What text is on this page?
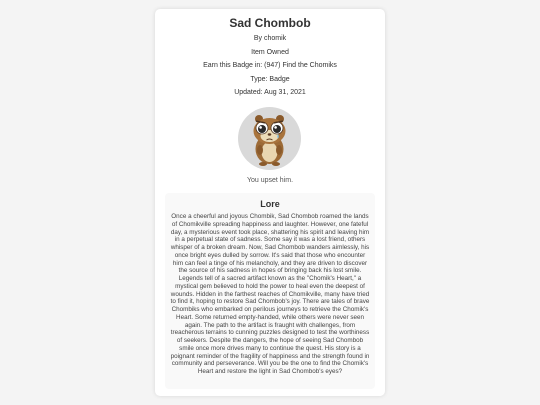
Sad Chombob
By chomik
Item Owned
Earn this Badge in: (947) Find the Chomiks
Type: Badge
Updated: Aug 31, 2021
You upset him.
Lore
Once a cheerful and joyous Chombik, Sad Chombob roamed the lands of Chomikville spreading happiness and laughter. However, one fateful day, a mysterious event took place, shattering his spirit and leaving him in a perpetual state of sadness. Some say it was a lost friend, others whisper of a broken dream. Now, Sad Chombob wanders aimlessly, his once bright eyes dulled by sorrow. It's said that those who encounter him can feel a tinge of his melancholy, and they are driven to discover the source of his sadness in hopes of bringing back his lost smile. Legends tell of a sacred artifact known as the "Chomik's Heart," a mystical gem believed to hold the power to heal even the deepest of wounds. Hidden in the farthest reaches of Chomikville, many have tried to find it, hoping to restore Sad Chombob's joy. There are tales of brave Chombiks who embarked on perilous journeys to retrieve the Chomik's Heart. Some returned empty-handed, while others were never seen again. The path to the artifact is fraught with challenges, from treacherous terrains to cunning puzzles designed to test the worthiness of seekers. Despite the dangers, the hope of seeing Sad Chombob smile once more drives many to continue the quest. His story is a poignant reminder of the fragility of happiness and the strength found in community and perseverance. Will you be the one to find the Chomik's Heart and restore the light in Sad Chombob's eyes?
